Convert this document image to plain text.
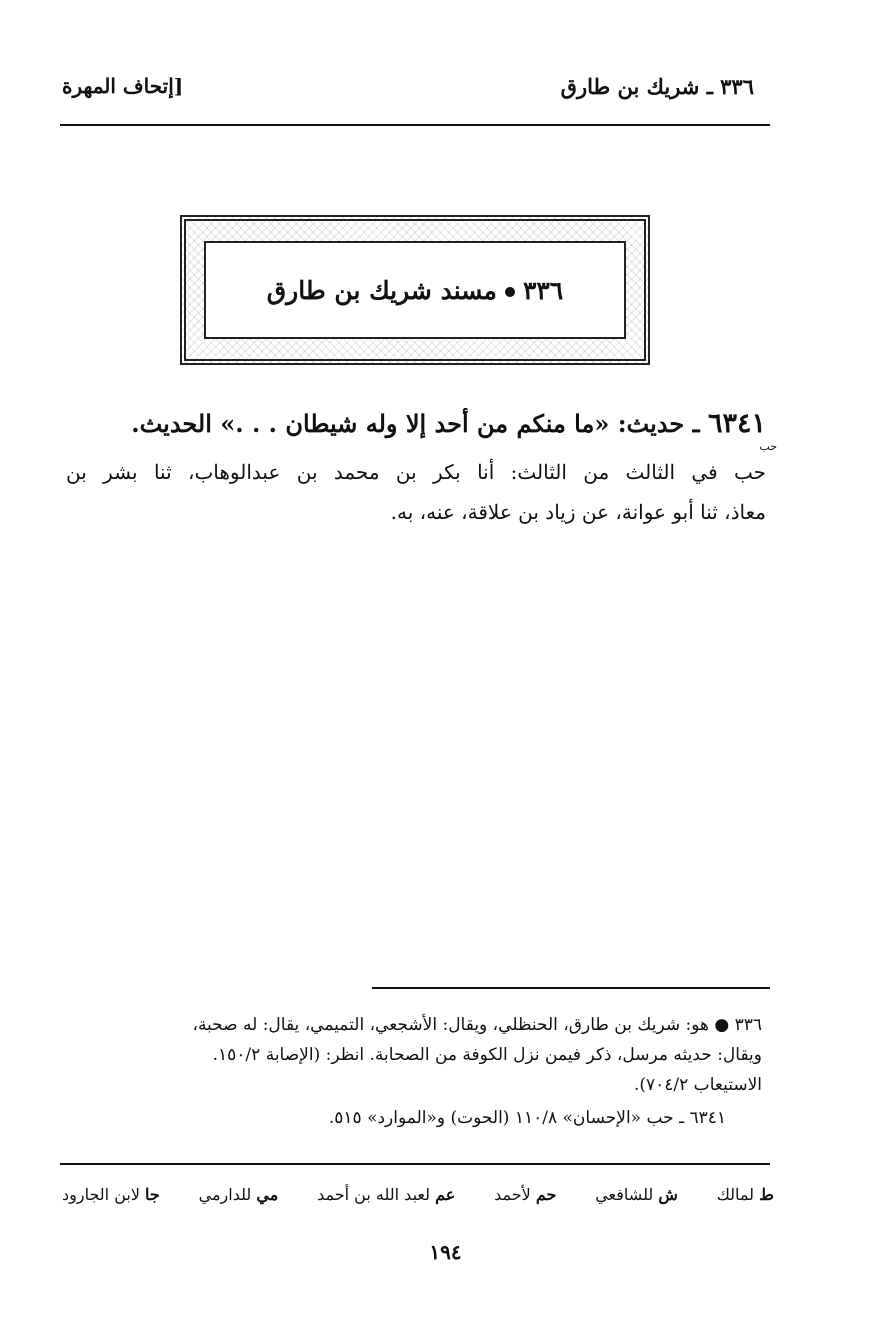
٣٣٦ ـ شريك بن طارق
[إتحاف المهرة
٣٣٦مسند شريك بن طارق
٦٣٤١ ـ حديث: «ما منكم من أحد إلا وله شيطان . . .» الحديث.
حب
حب في الثالث من الثالث: أنا بكر بن محمد بن عبدالوهاب، ثنا بشر بن
معاذ، ثنا أبو عوانة، عن زياد بن علاقة، عنه، به.
٣٣٦ ● هو: شريك بن طارق، الحنظلي، ويقال: الأشجعي، التميمي، يقال: له صحبة،
ويقال: حديثه مرسل، ذكر فيمن نزل الكوفة من الصحابة. انظر: (الإصابة ١٥٠/٢.
الاستيعاب ٧٠٤/٢).
٦٣٤١ ـ حب «الإحسان» ١١٠/٨ (الحوت) و«الموارد» ٥١٥.
ط لمالك
ش للشافعي
حم لأحمد
عم لعبد الله بن أحمد
مي للدارمي
جا لابن الجارود
١٩٤
